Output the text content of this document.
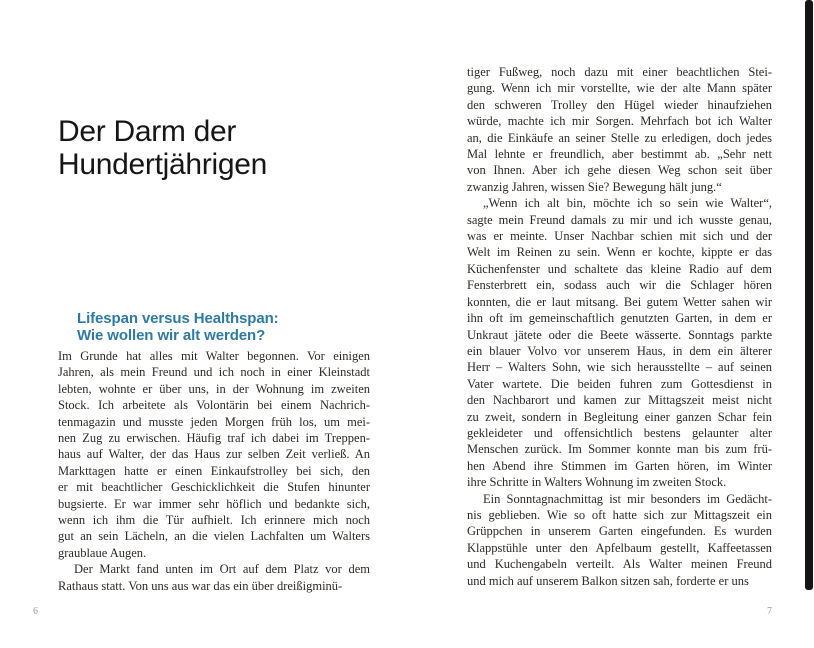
Der Darm der
Hundertjährigen
Lifespan versus Healthspan:
Wie wollen wir alt werden?
Im Grunde hat alles mit Walter begonnen. Vor einigen
Jahren, als mein Freund und ich noch in einer Kleinstadt
lebten, wohnte er über uns, in der Wohnung im zweiten
Stock. Ich arbeitete als Volontärin bei einem Nachrich-
tenmagazin und musste jeden Morgen früh los, um mei-
nen Zug zu erwischen. Häufig traf ich dabei im Treppen-
haus auf Walter, der das Haus zur selben Zeit verließ. An
Markttagen hatte er einen Einkaufstrolley bei sich, den
er mit beachtlicher Geschicklichkeit die Stufen hinunter
bugsierte. Er war immer sehr höflich und bedankte sich,
wenn ich ihm die Tür aufhielt. Ich erinnere mich noch
gut an sein Lächeln, an die vielen Lachfalten um Walters
graublaue Augen.
Der Markt fand unten im Ort auf dem Platz vor dem
Rathaus statt. Von uns aus war das ein über dreißigminü-
6
tiger Fußweg, noch dazu mit einer beachtlichen Stei-
gung. Wenn ich mir vorstellte, wie der alte Mann später
den schweren Trolley den Hügel wieder hinaufziehen
würde, machte ich mir Sorgen. Mehrfach bot ich Walter
an, die Einkäufe an seiner Stelle zu erledigen, doch jedes
Mal lehnte er freundlich, aber bestimmt ab. „Sehr nett
von Ihnen. Aber ich gehe diesen Weg schon seit über
zwanzig Jahren, wissen Sie? Bewegung hält jung.“
„Wenn ich alt bin, möchte ich so sein wie Walter“,
sagte mein Freund damals zu mir und ich wusste genau,
was er meinte. Unser Nachbar schien mit sich und der
Welt im Reinen zu sein. Wenn er kochte, kippte er das
Küchenfenster und schaltete das kleine Radio auf dem
Fensterbrett ein, sodass auch wir die Schlager hören
konnten, die er laut mitsang. Bei gutem Wetter sahen wir
ihn oft im gemeinschaftlich genutzten Garten, in dem er
Unkraut jätete oder die Beete wässerte. Sonntags parkte
ein blauer Volvo vor unserem Haus, in dem ein älterer
Herr – Walters Sohn, wie sich herausstellte – auf seinen
Vater wartete. Die beiden fuhren zum Gottesdienst in
den Nachbarort und kamen zur Mittagszeit meist nicht
zu zweit, sondern in Begleitung einer ganzen Schar fein
gekleideter und offensichtlich bestens gelaunter alter
Menschen zurück. Im Sommer konnte man bis zum frü-
hen Abend ihre Stimmen im Garten hören, im Winter
ihre Schritte in Walters Wohnung im zweiten Stock.
Ein Sonntagnachmittag ist mir besonders im Gedächt-
nis geblieben. Wie so oft hatte sich zur Mittagszeit ein
Grüppchen in unserem Garten eingefunden. Es wurden
Klappstühle unter den Apfelbaum gestellt, Kaffeetassen
und Kuchengabeln verteilt. Als Walter meinen Freund
und mich auf unserem Balkon sitzen sah, forderte er uns
7
